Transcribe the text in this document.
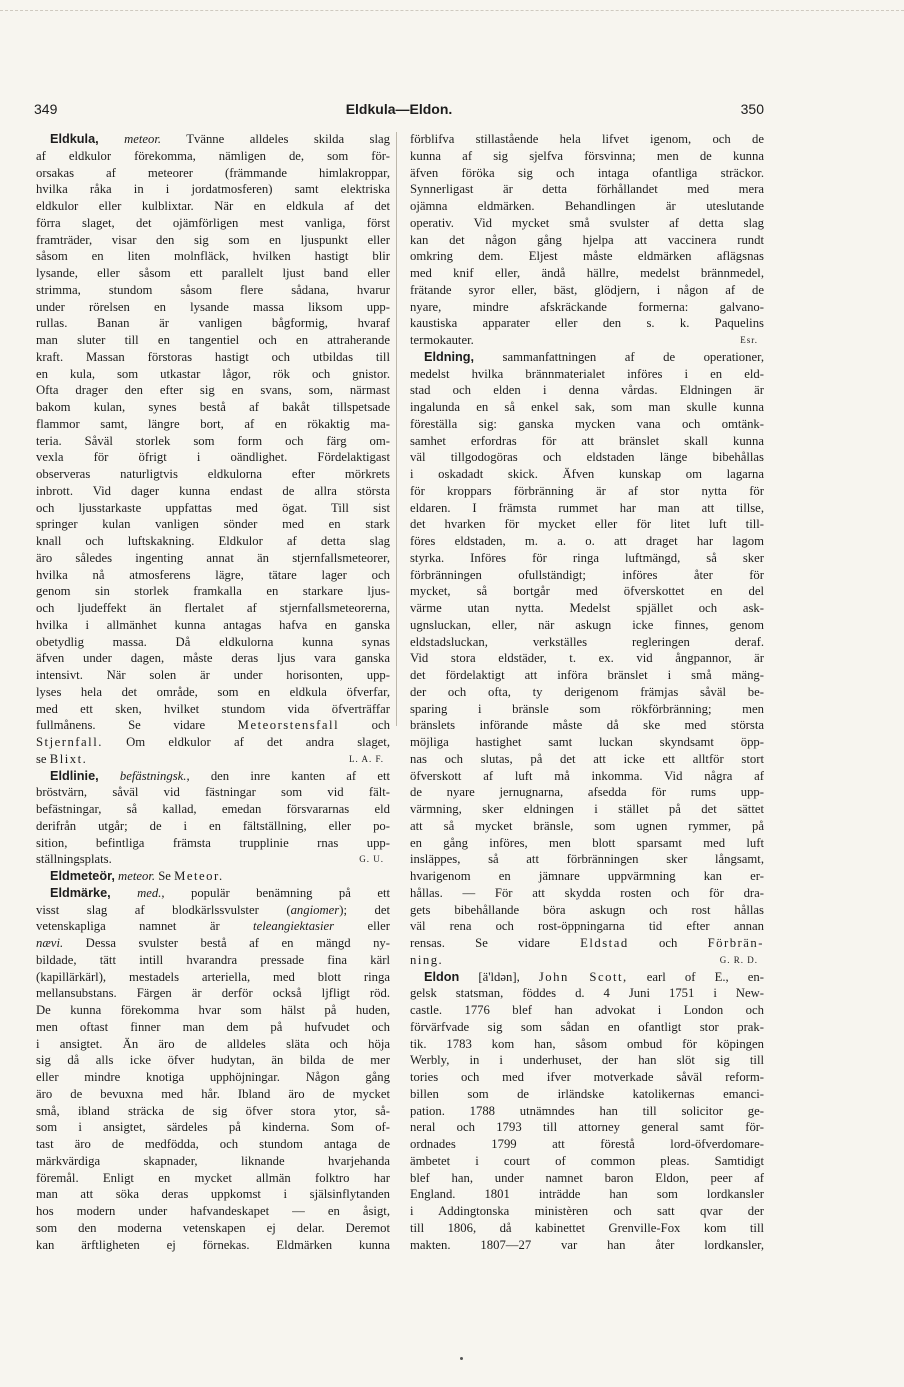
349	Eldkula—Eldon.	350
Eldkula, meteor. Tvänne alldeles skilda slag
af eldkulor förekomma, nämligen de, som för-
orsakas af meteorer (främmande himlakroppar,
hvilka råka in i jordatmosferen) samt elektriska
eldkulor eller kulblixtar. När en eldkula af det
förra slaget, det ojämförligen mest vanliga, först
framträder, visar den sig som en ljuspunkt eller
såsom en liten molnfläck, hvilken hastigt blir
lysande, eller såsom ett parallelt ljust band eller
strimma, stundom såsom flere sådana, hvarur
under rörelsen en lysande massa liksom upp-
rullas. Banan är vanligen bågformig, hvaraf
man sluter till en tangentiel och en attraherande
kraft. Massan förstoras hastigt och utbildas till
en kula, som utkastar lågor, rök och gnistor.
Ofta drager den efter sig en svans, som, närmast
bakom kulan, synes bestå af bakåt tillspetsade
flammor samt, längre bort, af en rökaktig ma-
teria. Såväl storlek som form och färg om-
vexla för öfrigt i oändlighet. Fördelaktigast
observeras naturligtvis eldkulorna efter mörkrets
inbrott. Vid dager kunna endast de allra största
och ljusstarkaste uppfattas med ögat. Till sist
springer kulan vanligen sönder med en stark
knall och luftskakning. Eldkulor af detta slag
äro således ingenting annat än stjernfallsmeteorer,
hvilka nå atmosferens lägre, tätare lager och
genom sin storlek framkalla en starkare ljus-
och ljudeffekt än flertalet af stjernfallsmeteorerna,
hvilka i allmänhet kunna antagas hafva en ganska
obetydlig massa. Då eldkulorna kunna synas
äfven under dagen, måste deras ljus vara ganska
intensivt. När solen är under horisonten, upp-
lyses hela det område, som en eldkula öfverfar,
med ett sken, hvilket stundom vida öfverträffar
fullmånens. Se vidare Meteorstensfall och
Stjernfall. Om eldkulor af det andra slaget,
se Blixt.	L. A. F.
Eldlinie, befästningsk., den inre kanten af ett
bröstvärn, såväl vid fästningar som vid fält-
befästningar, så kallad, emedan försvararnas eld
derifrån utgår; de i en fältställning, eller po-
sition, befintliga främsta trupplinie rnas upp-
ställningsplats.	G. U.
Eldmeteör, meteor. Se Meteor.
Eldmärke, med., populär benämning på ett
visst slag af blodkärlssvulster (angiomer); det
vetenskapliga namnet är teleangiektasier eller
nævi. Dessa svulster bestå af en mängd ny-
bildade, tätt intill hvarandra pressade fina kärl
(kapillärkärl), mestadels arteriella, med blott ringa
mellansubstans. Färgen är derför också ljfligt röd.
De kunna förekomma hvar som hälst på huden,
men oftast finner man dem på hufvudet och
i ansigtet. Än äro de alldeles släta och höja
sig då alls icke öfver hudytan, än bilda de mer
eller mindre knotiga upphöjningar. Någon gång
äro de bevuxna med hår. Ibland äro de mycket
små, ibland sträcka de sig öfver stora ytor, så-
som i ansigtet, särdeles på kinderna. Som of-
tast äro de medfödda, och stundom antaga de
märkvärdiga skapnader, liknande hvarjehanda
föremål. Enligt en mycket allmän folktro har
man att söka deras uppkomst i själsinflytanden
hos modern under hafvandeskapet — en åsigt,
som den moderna vetenskapen ej delar. Deremot
kan ärftligheten ej förnekas. Eldmärken kunna
förblifva stillastående hela lifvet igenom, och de
kunna af sig sjelfva försvinna; men de kunna
äfven föröka sig och intaga ofantliga sträckor.
Synnerligast är detta förhållandet med mera
ojämna eldmärken. Behandlingen är uteslutande
operativ. Vid mycket små svulster af detta slag
kan det någon gång hjelpa att vaccinera rundt
omkring dem. Eljest måste eldmärken aflägsnas
med knif eller, ändå hällre, medelst brännmedel,
frätande syror eller, bäst, glödjern, i någon af de
nyare, mindre afskräckande formerna: galvano-
kaustiska apparater eller den s. k. Paquelins
termokauter.	Esr.
Eldning, sammanfattningen af de operationer,
medelst hvilka brännmaterialet införes i en eld-
stad och elden i denna vårdas. Eldningen är
ingalunda en så enkel sak, som man skulle kunna
föreställa sig: ganska mycken vana och omtänk-
samhet erfordras för att bränslet skall kunna
väl tillgodogöras och eldstaden länge bibehållas
i oskadadt skick. Äfven kunskap om lagarna
för kroppars förbränning är af stor nytta för
eldaren. I främsta rummet har man att tillse,
det hvarken för mycket eller för litet luft till-
föres eldstaden, m. a. o. att draget har lagom
styrka. Införes för ringa luftmängd, så sker
förbränningen ofullständigt; införes åter för
mycket, så bortgår med öfverskottet en del
värme utan nytta. Medelst spjället och ask-
ugnsluckan, eller, när askugn icke finnes, genom
eldstadsluckan, verkställes regleringen deraf.
Vid stora eldstäder, t. ex. vid ångpannor, är
det fördelaktigt att införa bränslet i små mäng-
der och ofta, ty derigenom främjas såväl be-
sparing i bränsle som rökförbränning; men
bränslets införande måste då ske med största
möjliga hastighet samt luckan skyndsamt öpp-
nas och slutas, på det att icke ett alltför stort
öfverskott af luft må inkomma. Vid några af
de nyare jernugnarna, afsedda för rums upp-
värmning, sker eldningen i stället på det sättet
att så mycket bränsle, som ugnen rymmer, på
en gång införes, men blott sparsamt med luft
insläppes, så att förbränningen sker långsamt,
hvarigenom en jämnare uppvärmning kan er-
hållas. — För att skydda rosten och för dra-
gets bibehållande böra askugn och rost hållas
väl rena och rost-öppningarna tid efter annan
rensas. Se vidare Eldstad och Förbrän-
ning.	G. R. D.
Eldon [ä'ldən], John Scott, earl of E., en-
gelsk statsman, föddes d. 4 Juni 1751 i New-
castle. 1776 blef han advokat i London och
förvärfvade sig som sådan en ofantligt stor prak-
tik. 1783 kom han, såsom ombud för köpingen
Werbly, in i underhuset, der han slöt sig till
tories och med ifver motverkade såväl reform-
billen som de irländske katolikernas emanci-
pation. 1788 utnämndes han till solicitor ge-
neral och 1793 till attorney general samt för-
ordnades 1799 att förestå lord-öfverdomare-
ämbetet i court of common pleas. Samtidigt
blef han, under namnet baron Eldon, peer af
England. 1801 inträdde han som lordkansler
i Addingtonska ministèren och satt qvar der
till 1806, då kabinettet Grenville-Fox kom till
makten. 1807—27 var han åter lordkansler,
